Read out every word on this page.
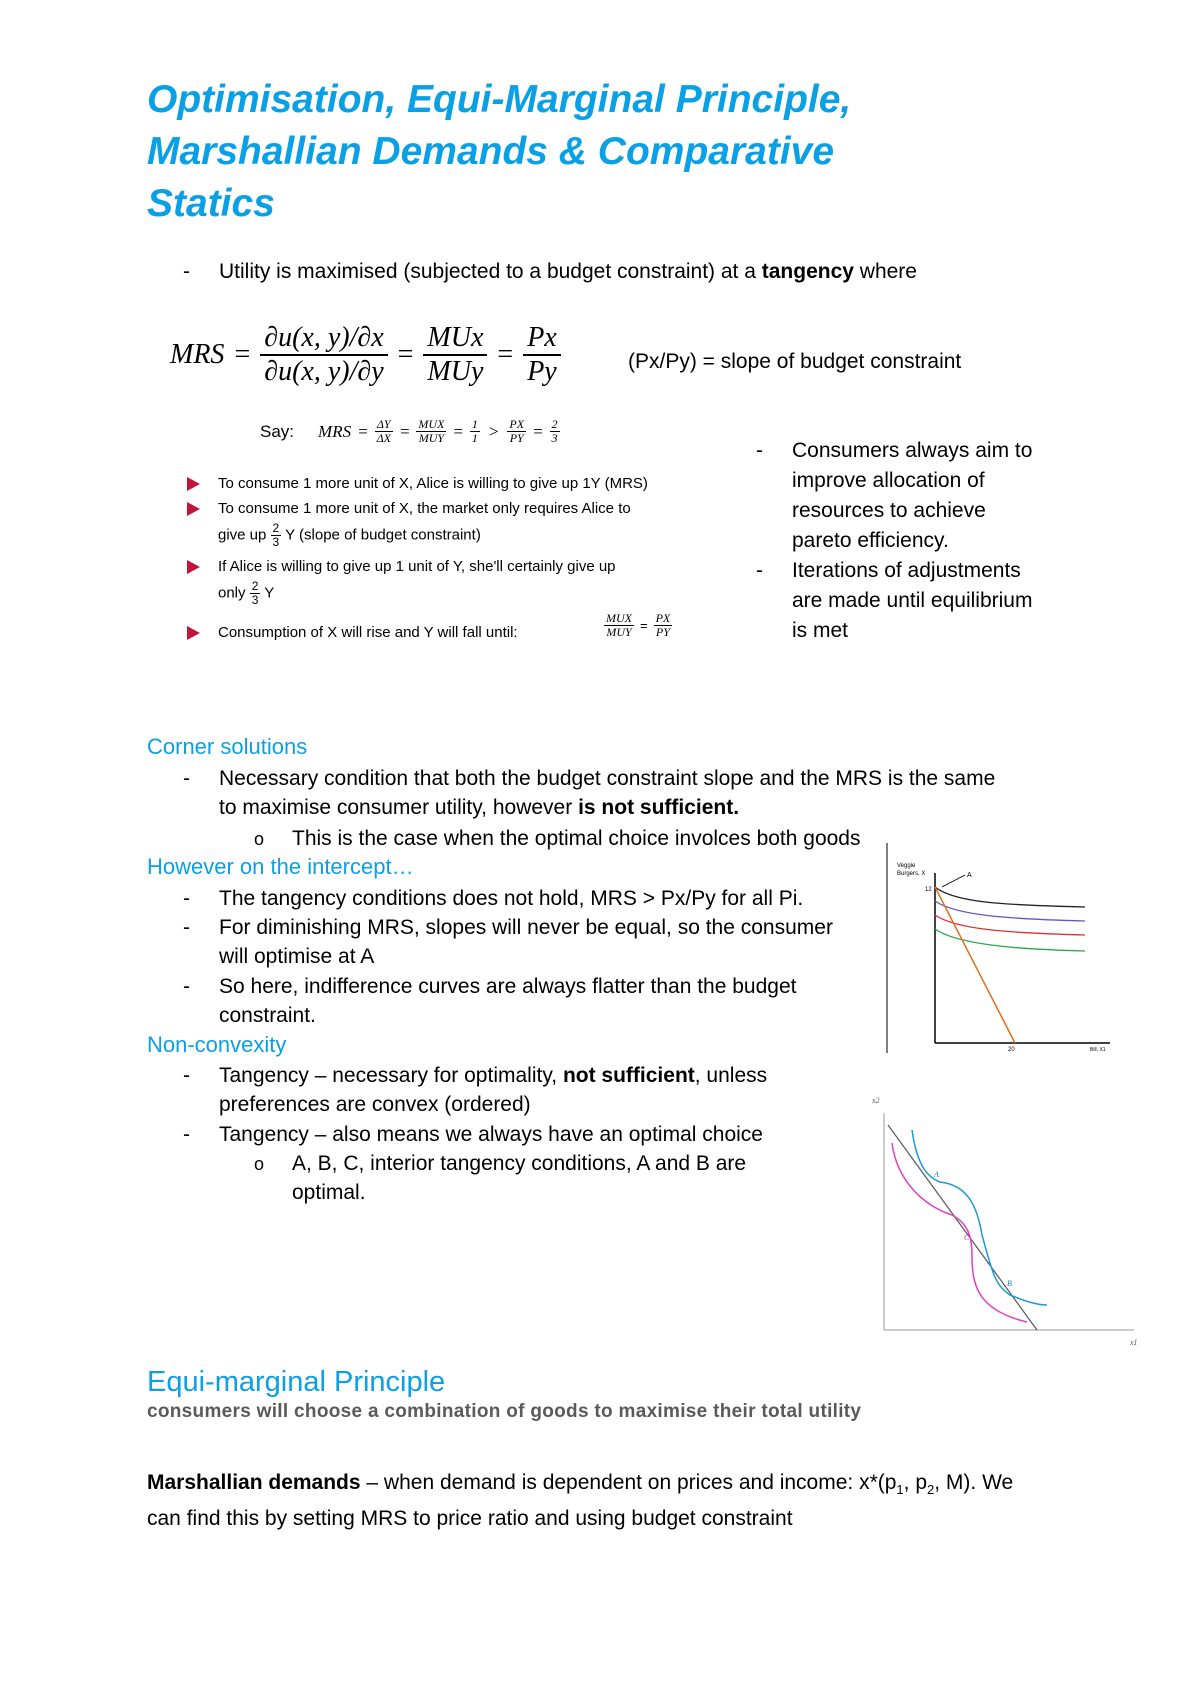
Optimisation, Equi-Marginal Principle,
Marshallian Demands & Comparative
Statics
- Utility is maximised (subjected to a budget constraint) at a tangency where
MRS = $\frac{\partial u(x, y)/\partial x}{\partial u(x, y)/\partial y} = \frac{\text{MUx}}{\text{MUy}} = \frac{Px}{Py}$	(Px/Py) = slope of budget constraint
Say: MRS = $\frac{\Delta Y}{\Delta X}$ = MUX
MUY = $\frac{1}{1} > \frac{PX}{PY} = \frac{2}{3}$
To consume 1 more unit of X, Alice is willing to give up 1Y (MRS)
To consume 1 more unit of X, the market only requires Alice to
give up $\frac{2}{3}$ Y (slope of budget constraint)
If Alice is willing to give up 1 unit of Y, she'll certainly give up
only $\frac{2}{3}$ Y
Consumption of X will rise and Y will fall until:
MUX
MUY = $\frac{PX}{PY}$
- Consumers always aim to
improve allocation of
resources to achieve
pareto efficiency.
- Iterations of adjustments
are made until equilibrium
is met
Corner solutions
- Necessary condition that both the budget constraint slope and the MRS is the same
to maximise consumer utility, however is not sufficient.
o This is the case when the optimal choice involces both goods
However on the intercept…
- The tangency conditions does not hold, MRS > Px/Py for all Pi.
- For diminishing MRS, slopes will never be equal, so the consumer
will optimise at A
- So here, indifference curves are always flatter than the budget
constraint.
Non-convexity
- Tangency – necessary for optimality, not sufficient, unless
preferences are convex (ordered)
- Tangency – also means we always have an optimal choice
o A, B, C, interior tangency conditions, A and B are
optimal.
Veggie
Burgers, X
12
A
20	Bill, X1
x2
x1
A
C
B
Equi-marginal Principle
consumers will choose a combination of goods to maximise their total utility
Marshallian demands – when demand is dependent on prices and income: $x*(p_1$, $p_2$, M). We
can find this by setting MRS to price ratio and using budget constraint
